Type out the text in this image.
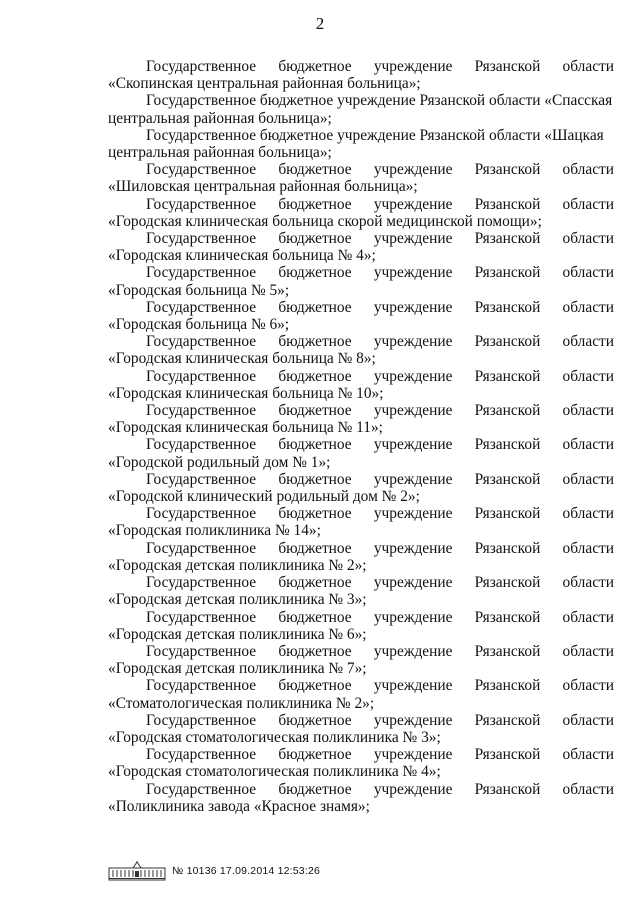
2
Государственное бюджетное учреждение Рязанской области
«Скопинская центральная районная больница»;
Государственное бюджетное учреждение Рязанской области «Спасская
центральная районная больница»;
Государственное бюджетное учреждение Рязанской области «Шацкая
центральная районная больница»;
Государственное бюджетное учреждение Рязанской области
«Шиловская центральная районная больница»;
Государственное бюджетное учреждение Рязанской области
«Городская клиническая больница скорой медицинской помощи»;
Государственное бюджетное учреждение Рязанской области
«Городская клиническая больница № 4»;
Государственное бюджетное учреждение Рязанской области
«Городская больница № 5»;
Государственное бюджетное учреждение Рязанской области
«Городская больница № 6»;
Государственное бюджетное учреждение Рязанской области
«Городская клиническая больница № 8»;
Государственное бюджетное учреждение Рязанской области
«Городская клиническая больница № 10»;
Государственное бюджетное учреждение Рязанской области
«Городская клиническая больница № 11»;
Государственное бюджетное учреждение Рязанской области
«Городской родильный дом № 1»;
Государственное бюджетное учреждение Рязанской области
«Городской клинический родильный дом № 2»;
Государственное бюджетное учреждение Рязанской области
«Городская поликлиника № 14»;
Государственное бюджетное учреждение Рязанской области
«Городская детская поликлиника № 2»;
Государственное бюджетное учреждение Рязанской области
«Городская детская поликлиника № 3»;
Государственное бюджетное учреждение Рязанской области
«Городская детская поликлиника № 6»;
Государственное бюджетное учреждение Рязанской области
«Городская детская поликлиника № 7»;
Государственное бюджетное учреждение Рязанской области
«Стоматологическая поликлиника № 2»;
Государственное бюджетное учреждение Рязанской области
«Городская стоматологическая поликлиника № 3»;
Государственное бюджетное учреждение Рязанской области
«Городская стоматологическая поликлиника № 4»;
Государственное бюджетное учреждение Рязанской области
«Поликлиника завода «Красное знамя»;
№ 10136 17.09.2014 12:53:26
